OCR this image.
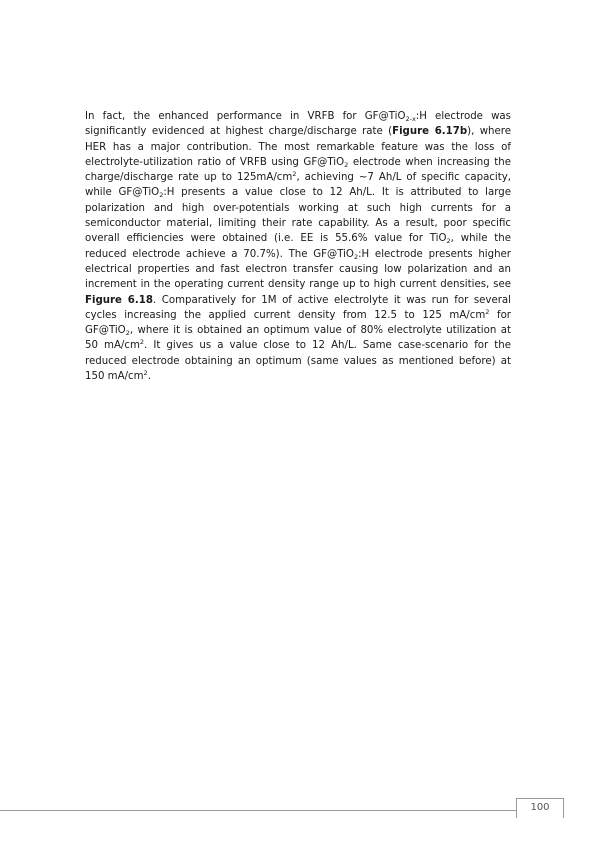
In fact, the enhanced performance in VRFB for GF@TiO$_{2-x}$:H electrode was significantly evidenced at highest charge/discharge rate (Figure 6.17b), where HER has a major contribution. The most remarkable feature was the loss of electrolyte-utilization ratio of VRFB using GF@TiO$_2$ electrode when increasing the charge/discharge rate up to $125mA/cm^2$, achieving ~7 Ah/L of specific capacity, while GF@TiO$_2$:H presents a value close to 12 Ah/L. It is attributed to large polarization and high over-potentials working at such high currents for a semiconductor material, limiting their rate capability. As a result, poor specific overall efficiencies were obtained (i.e. EE is 55.6% value for TiO$_2$, while the reduced electrode achieve a 70.7%). The GF@TiO$_2$:H electrode presents higher electrical properties and fast electron transfer causing low polarization and an increment in the operating current density range up to high current densities, see Figure 6.18. Comparatively for 1M of active electrolyte it was run for several cycles increasing the applied current density from 12.5 to 125 $mA/cm^2$ for GF@TiO$_2$, where it is obtained an optimum value of 80% electrolyte utilization at 50 $mA/cm^2$. It gives us a value close to 12 Ah/L. Same case-scenario for the reduced electrode obtaining an optimum (same values as mentioned before) at 150 $mA/cm^2$.

100
